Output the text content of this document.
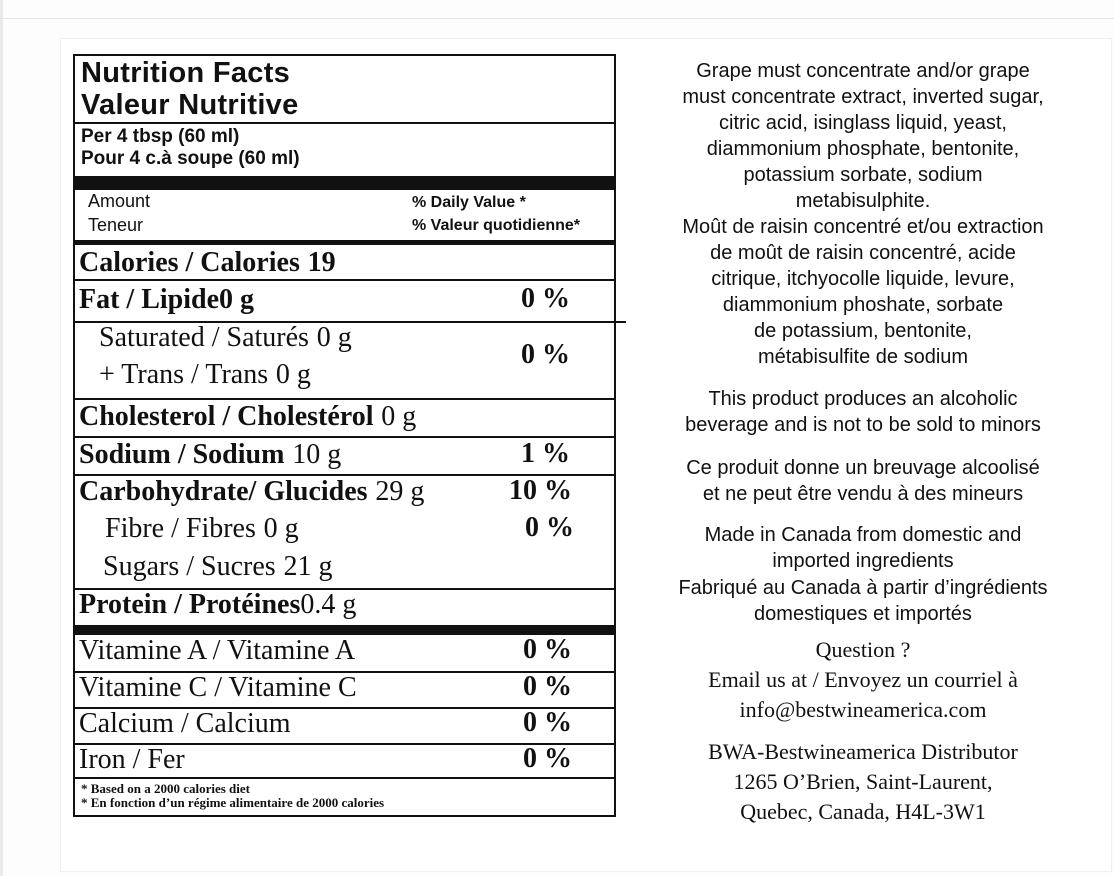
Nutrition Facts
Valeur Nutritive
Per 4 tbsp (60 ml)
Pour 4 c.à soupe (60 ml)
Amount
Teneur
% Daily Value *
% Valeur quotidienne*
Calories / Calories 19
Fat / Lipide0 g	0 %
Saturated / Saturés 0 g
+ Trans / Trans 0 g
0 %
Cholesterol / Cholestérol 0 g
Sodium / Sodium 10 g	1 %
Carbohydrate/ Glucides 29 g	10 %
Fibre / Fibres 0 g	0 %
Sugars / Sucres 21 g
Protein / Protéines0.4 g
Vitamine A / Vitamine A	0 %
Vitamine C / Vitamine C	0 %
Calcium / Calcium	0 %
Iron / Fer	0 %
* Based on a 2000 calories diet
* En fonction d’un régime alimentaire de 2000 calories
Grape must concentrate and/or grape
must concentrate extract, inverted sugar,
citric acid, isinglass liquid, yeast,
diammonium phosphate, bentonite,
potassium sorbate, sodium
metabisulphite.
Moût de raisin concentré et/ou extraction
de moût de raisin concentré, acide
citrique, itchyocolle liquide, levure,
diammonium phoshate, sorbate
de potassium, bentonite,
métabisulfite de sodium
This product produces an alcoholic
beverage and is not to be sold to minors
Ce produit donne un breuvage alcoolisé
et ne peut être vendu à des mineurs
Made in Canada from domestic and
imported ingredients
Fabriqué au Canada à partir d’ingrédients
domestiques et importés
Question ?
Email us at / Envoyez un courriel à
info@bestwineamerica.com
BWA-Bestwineamerica Distributor
1265 O’Brien, Saint-Laurent,
Quebec, Canada, H4L-3W1
